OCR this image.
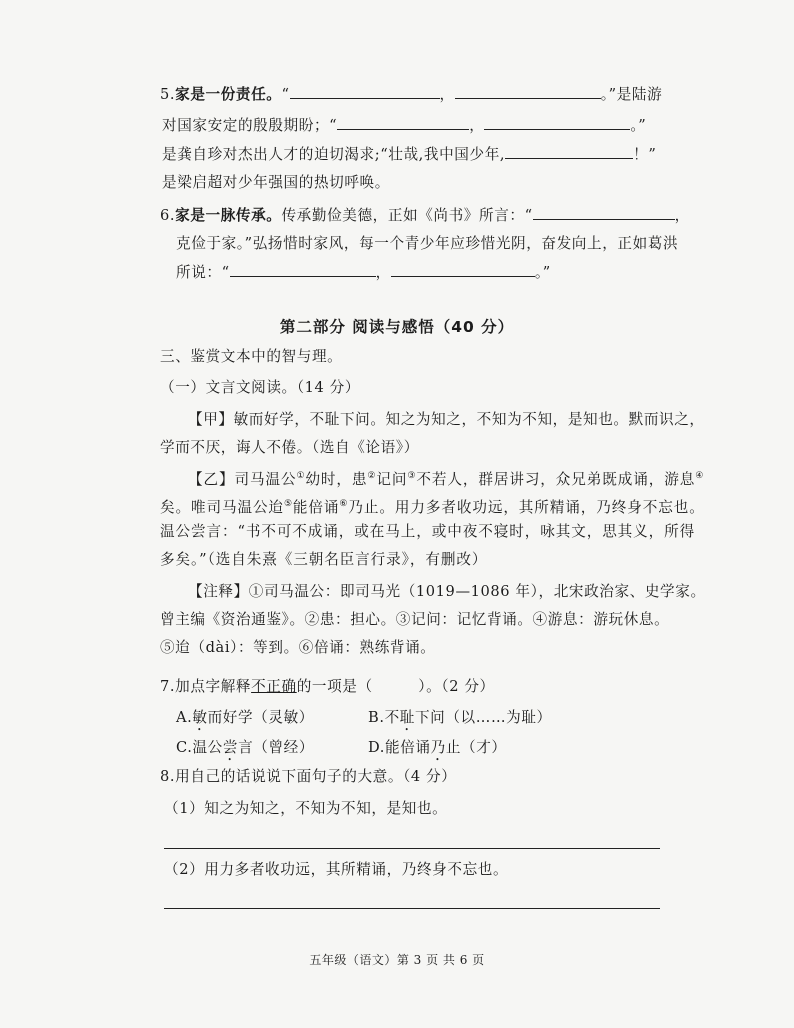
5.家是一份责任。“	，	。”是陆游
对国家安定的殷殷期盼；“	，	。”
是龚自珍对杰出人才的迫切渴求;“壮哉,我中国少年,	！”
是梁启超对少年强国的热切呼唤。
6.家是一脉传承。传承勤俭美德，正如《尚书》所言：“	，
克俭于家。”弘扬惜时家风，每一个青少年应珍惜光阴，奋发向上，正如葛洪
所说：“	，	。”
第二部分 阅读与感悟（40 分）
三、鉴赏文本中的智与理。
（一）文言文阅读。（14 分）
【甲】敏而好学，不耻下问。知之为知之，不知为不知，是知也。默而识之，
学而不厌，诲人不倦。（选自《论语》）
【乙】司马温公①幼时，患②记问③不若人，群居讲习，众兄弟既成诵，游息④
矣。唯司马温公迨⑤能倍诵⑥乃止。用力多者收功远，其所精诵，乃终身不忘也。
温公尝言：“书不可不成诵，或在马上，或中夜不寝时，咏其文，思其义，所得
多矣。”（选自朱熹《三朝名臣言行录》，有删改）
【注释】①司马温公：即司马光（1019—1086 年），北宋政治家、史学家。
曾主编《资治通鉴》。②患：担心。③记问：记忆背诵。④游息：游玩休息。
⑤迨（dài）：等到。⑥倍诵：熟练背诵。
7.加点字解释不正确的一项是（　　　）。（2 分）
A.敏而好学（灵敏）	B.不耻下问（以……为耻）
C.温公尝言（曾经）	D.能倍诵乃止（才）
8.用自己的话说说下面句子的大意。（4 分）
（1）知之为知之，不知为不知，是知也。
（2）用力多者收功远，其所精诵，乃终身不忘也。
五年级（语文）第 3 页 共 6 页
